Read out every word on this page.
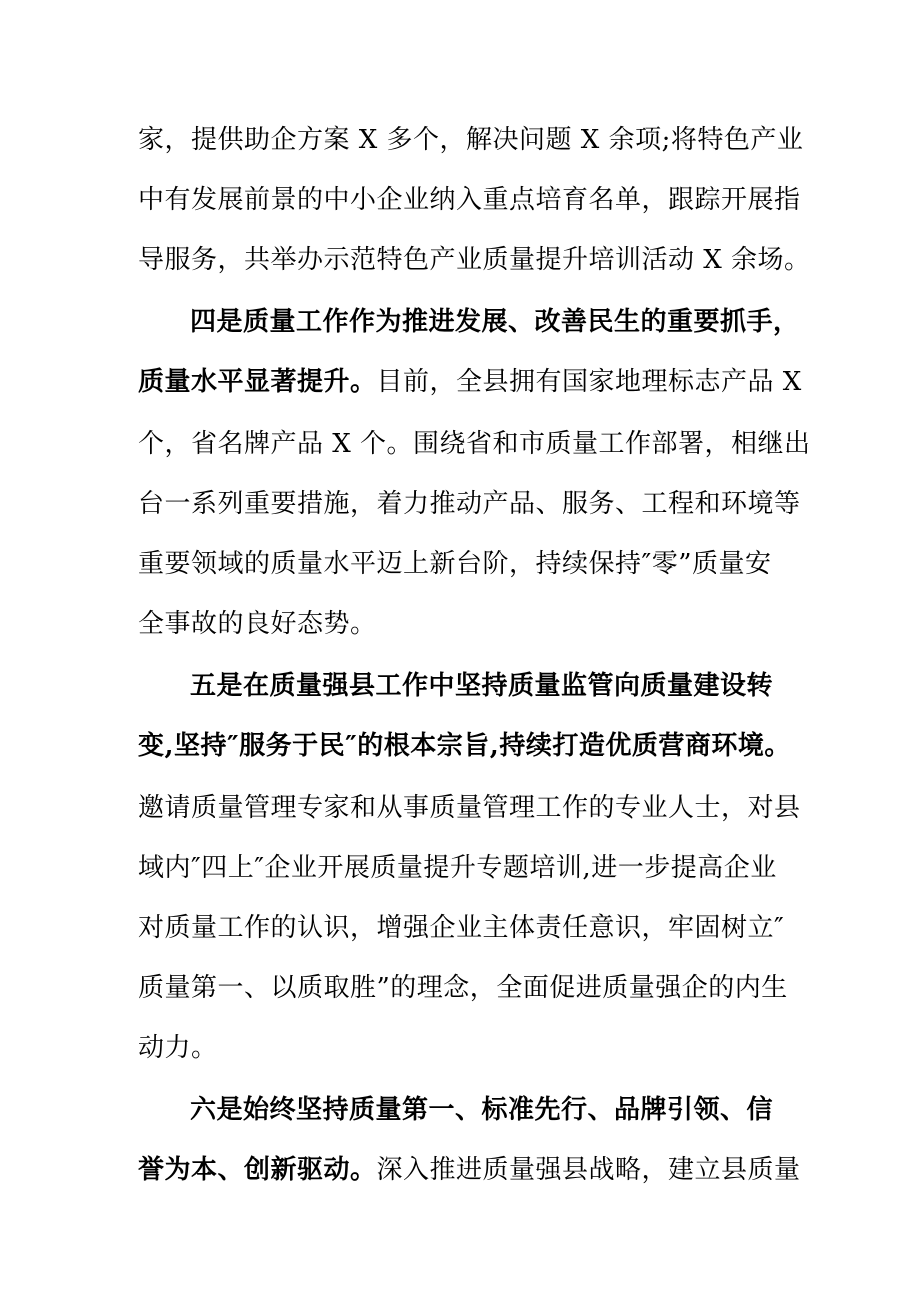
家，提供助企方案 X 多个，解决问题 X 余项;将特色产业
中有发展前景的中小企业纳入重点培育名单，跟踪开展指
导服务，共举办示范特色产业质量提升培训活动 X 余场。
四是质量工作作为推进发展、改善民生的重要抓手，
质量水平显著提升。目前，全县拥有国家地理标志产品 X
个，省名牌产品 X 个。围绕省和市质量工作部署，相继出
台一系列重要措施，着力推动产品、服务、工程和环境等
重要领域的质量水平迈上新台阶，持续保持″零”质量安
全事故的良好态势。
五是在质量强县工作中坚持质量监管向质量建设转
变,坚持″服务于民″的根本宗旨,持续打造优质营商环境。
邀请质量管理专家和从事质量管理工作的专业人士，对县
域内″四上″企业开展质量提升专题培训,进一步提高企业
对质量工作的认识，增强企业主体责任意识，牢固树立″
质量第一、以质取胜”的理念，全面促进质量强企的内生
动力。
六是始终坚持质量第一、标准先行、品牌引领、信
誉为本、创新驱动。深入推进质量强县战略，建立县质量
